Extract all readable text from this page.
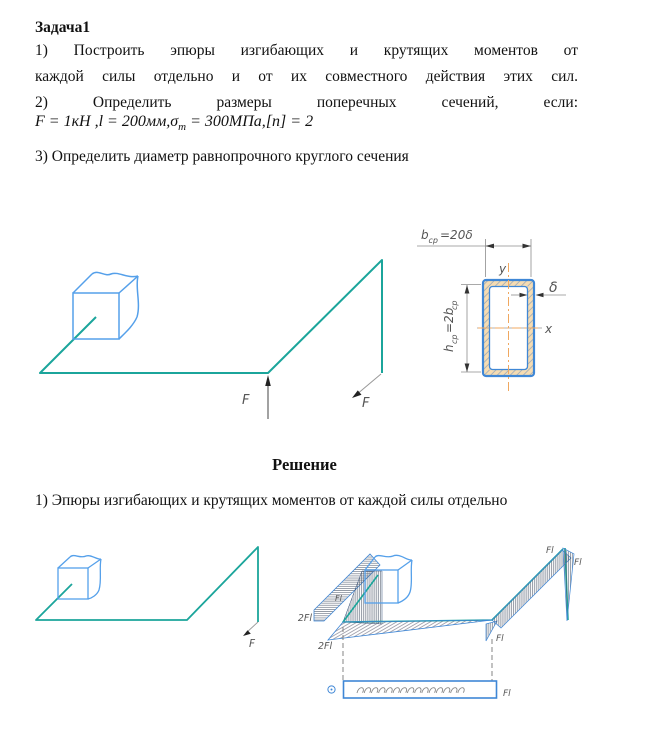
Задача1
1) Построить эпюры изгибающих и крутящих моментов от
каждой силы отдельно и от их совместного действия этих сил.
2) Определить размеры поперечных сечений, если:
F = 1кН $,l = 200мм,\sigma_т = 300МПа,[n] = 2$
3) Определить диаметр равнопрочного круглого сечения
Решение
1) Эпюры изгибающих и крутящих моментов от каждой силы отдельно
F	F
b ср =20δ
h
ср
=2b
ср
δ
y
x
F
2Fl
2Fl
Fl
Fl
Fl
Fl
Fl
